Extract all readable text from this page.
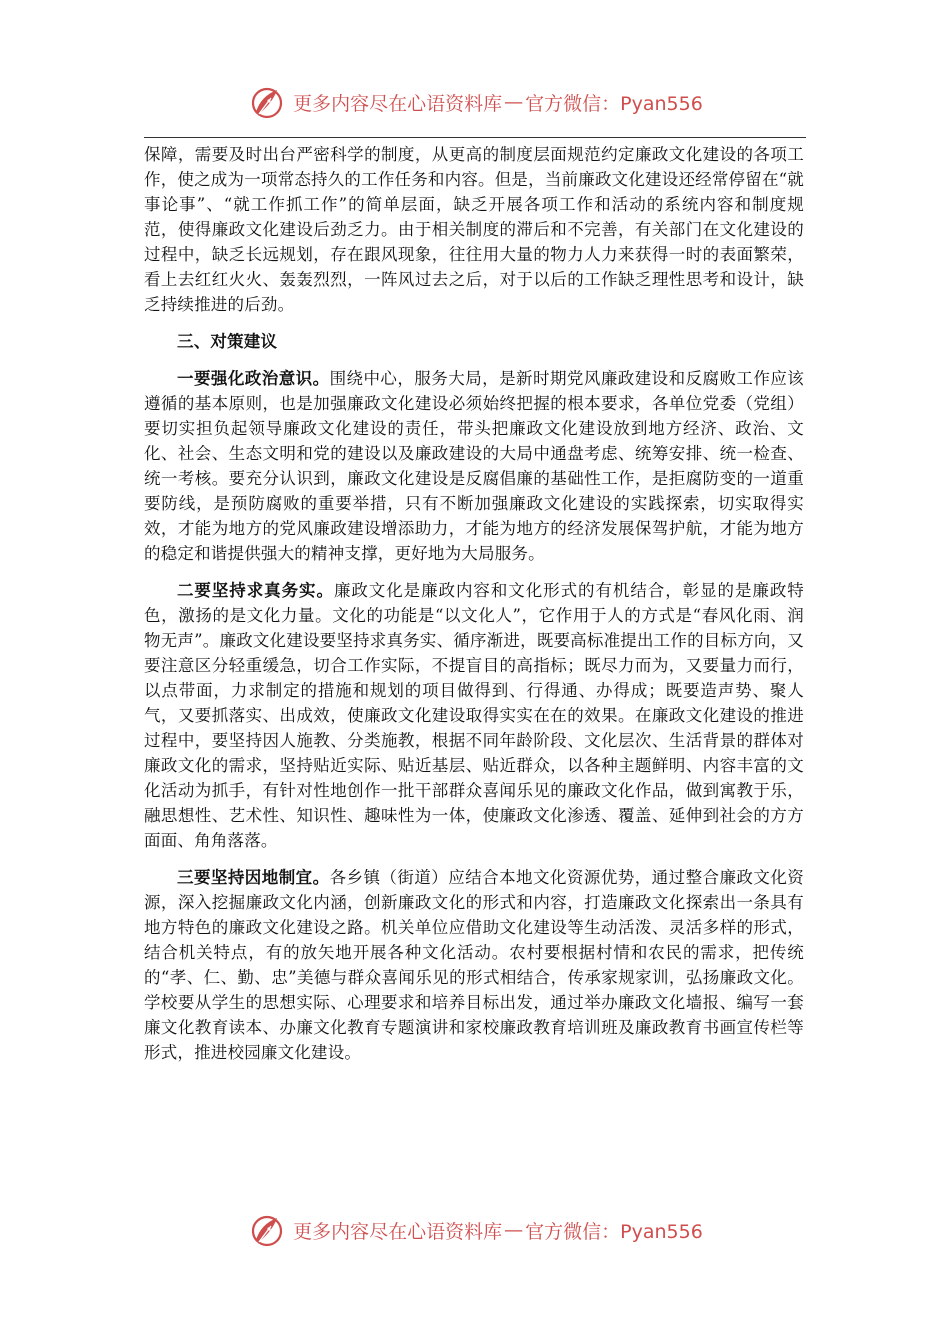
更多内容尽在心语资料库 — 官方微信：Pyan556

保障，需要及时出台严密科学的制度，从更高的制度层面规范约定廉政文化建设的各项工作，使之成为一项常态持久的工作任务和内容。但是，当前廉政文化建设还经常停留在“就事论事”、“就工作抓工作”的简单层面，缺乏开展各项工作和活动的系统内容和制度规范，使得廉政文化建设后劲乏力。由于相关制度的滞后和不完善，有关部门在文化建设的过程中，缺乏长远规划，存在跟风现象，往往用大量的物力人力来获得一时的表面繁荣，看上去红红火火、轰轰烈烈，一阵风过去之后，对于以后的工作缺乏理性思考和设计，缺乏持续推进的后劲。

三、对策建议

一要强化政治意识。围绕中心，服务大局，是新时期党风廉政建设和反腐败工作应该遵循的基本原则，也是加强廉政文化建设必须始终把握的根本要求，各单位党委（党组）要切实担负起领导廉政文化建设的责任，带头把廉政文化建设放到地方经济、政治、文化、社会、生态文明和党的建设以及廉政建设的大局中通盘考虑、统筹安排、统一检查、统一考核。要充分认识到，廉政文化建设是反腐倡廉的基础性工作，是拒腐防变的一道重要防线，是预防腐败的重要举措，只有不断加强廉政文化建设的实践探索，切实取得实效，才能为地方的党风廉政建设增添助力，才能为地方的经济发展保驾护航，才能为地方的稳定和谐提供强大的精神支撑，更好地为大局服务。

二要坚持求真务实。廉政文化是廉政内容和文化形式的有机结合，彰显的是廉政特色，激扬的是文化力量。文化的功能是“以文化人”，它作用于人的方式是“春风化雨、润物无声”。廉政文化建设要坚持求真务实、循序渐进，既要高标准提出工作的目标方向，又要注意区分轻重缓急，切合工作实际，不提盲目的高指标；既尽力而为，又要量力而行，以点带面，力求制定的措施和规划的项目做得到、行得通、办得成；既要造声势、聚人气，又要抓落实、出成效，使廉政文化建设取得实实在在的效果。在廉政文化建设的推进过程中，要坚持因人施教、分类施教，根据不同年龄阶段、文化层次、生活背景的群体对廉政文化的需求，坚持贴近实际、贴近基层、贴近群众，以各种主题鲜明、内容丰富的文化活动为抓手，有针对性地创作一批干部群众喜闻乐见的廉政文化作品，做到寓教于乐，融思想性、艺术性、知识性、趣味性为一体，使廉政文化渗透、覆盖、延伸到社会的方方面面、角角落落。

三要坚持因地制宜。各乡镇（街道）应结合本地文化资源优势，通过整合廉政文化资源，深入挖掘廉政文化内涵，创新廉政文化的形式和内容，打造廉政文化探索出一条具有地方特色的廉政文化建设之路。机关单位应借助文化建设等生动活泼、灵活多样的形式，结合机关特点，有的放矢地开展各种文化活动。农村要根据村情和农民的需求，把传统的“孝、仁、勤、忠”美德与群众喜闻乐见的形式相结合，传承家规家训，弘扬廉政文化。学校要从学生的思想实际、心理要求和培养目标出发，通过举办廉政文化墙报、编写一套廉文化教育读本、办廉文化教育专题演讲和家校廉政教育培训班及廉政教育书画宣传栏等形式，推进校园廉文化建设。

更多内容尽在心语资料库 — 官方微信：Pyan556
